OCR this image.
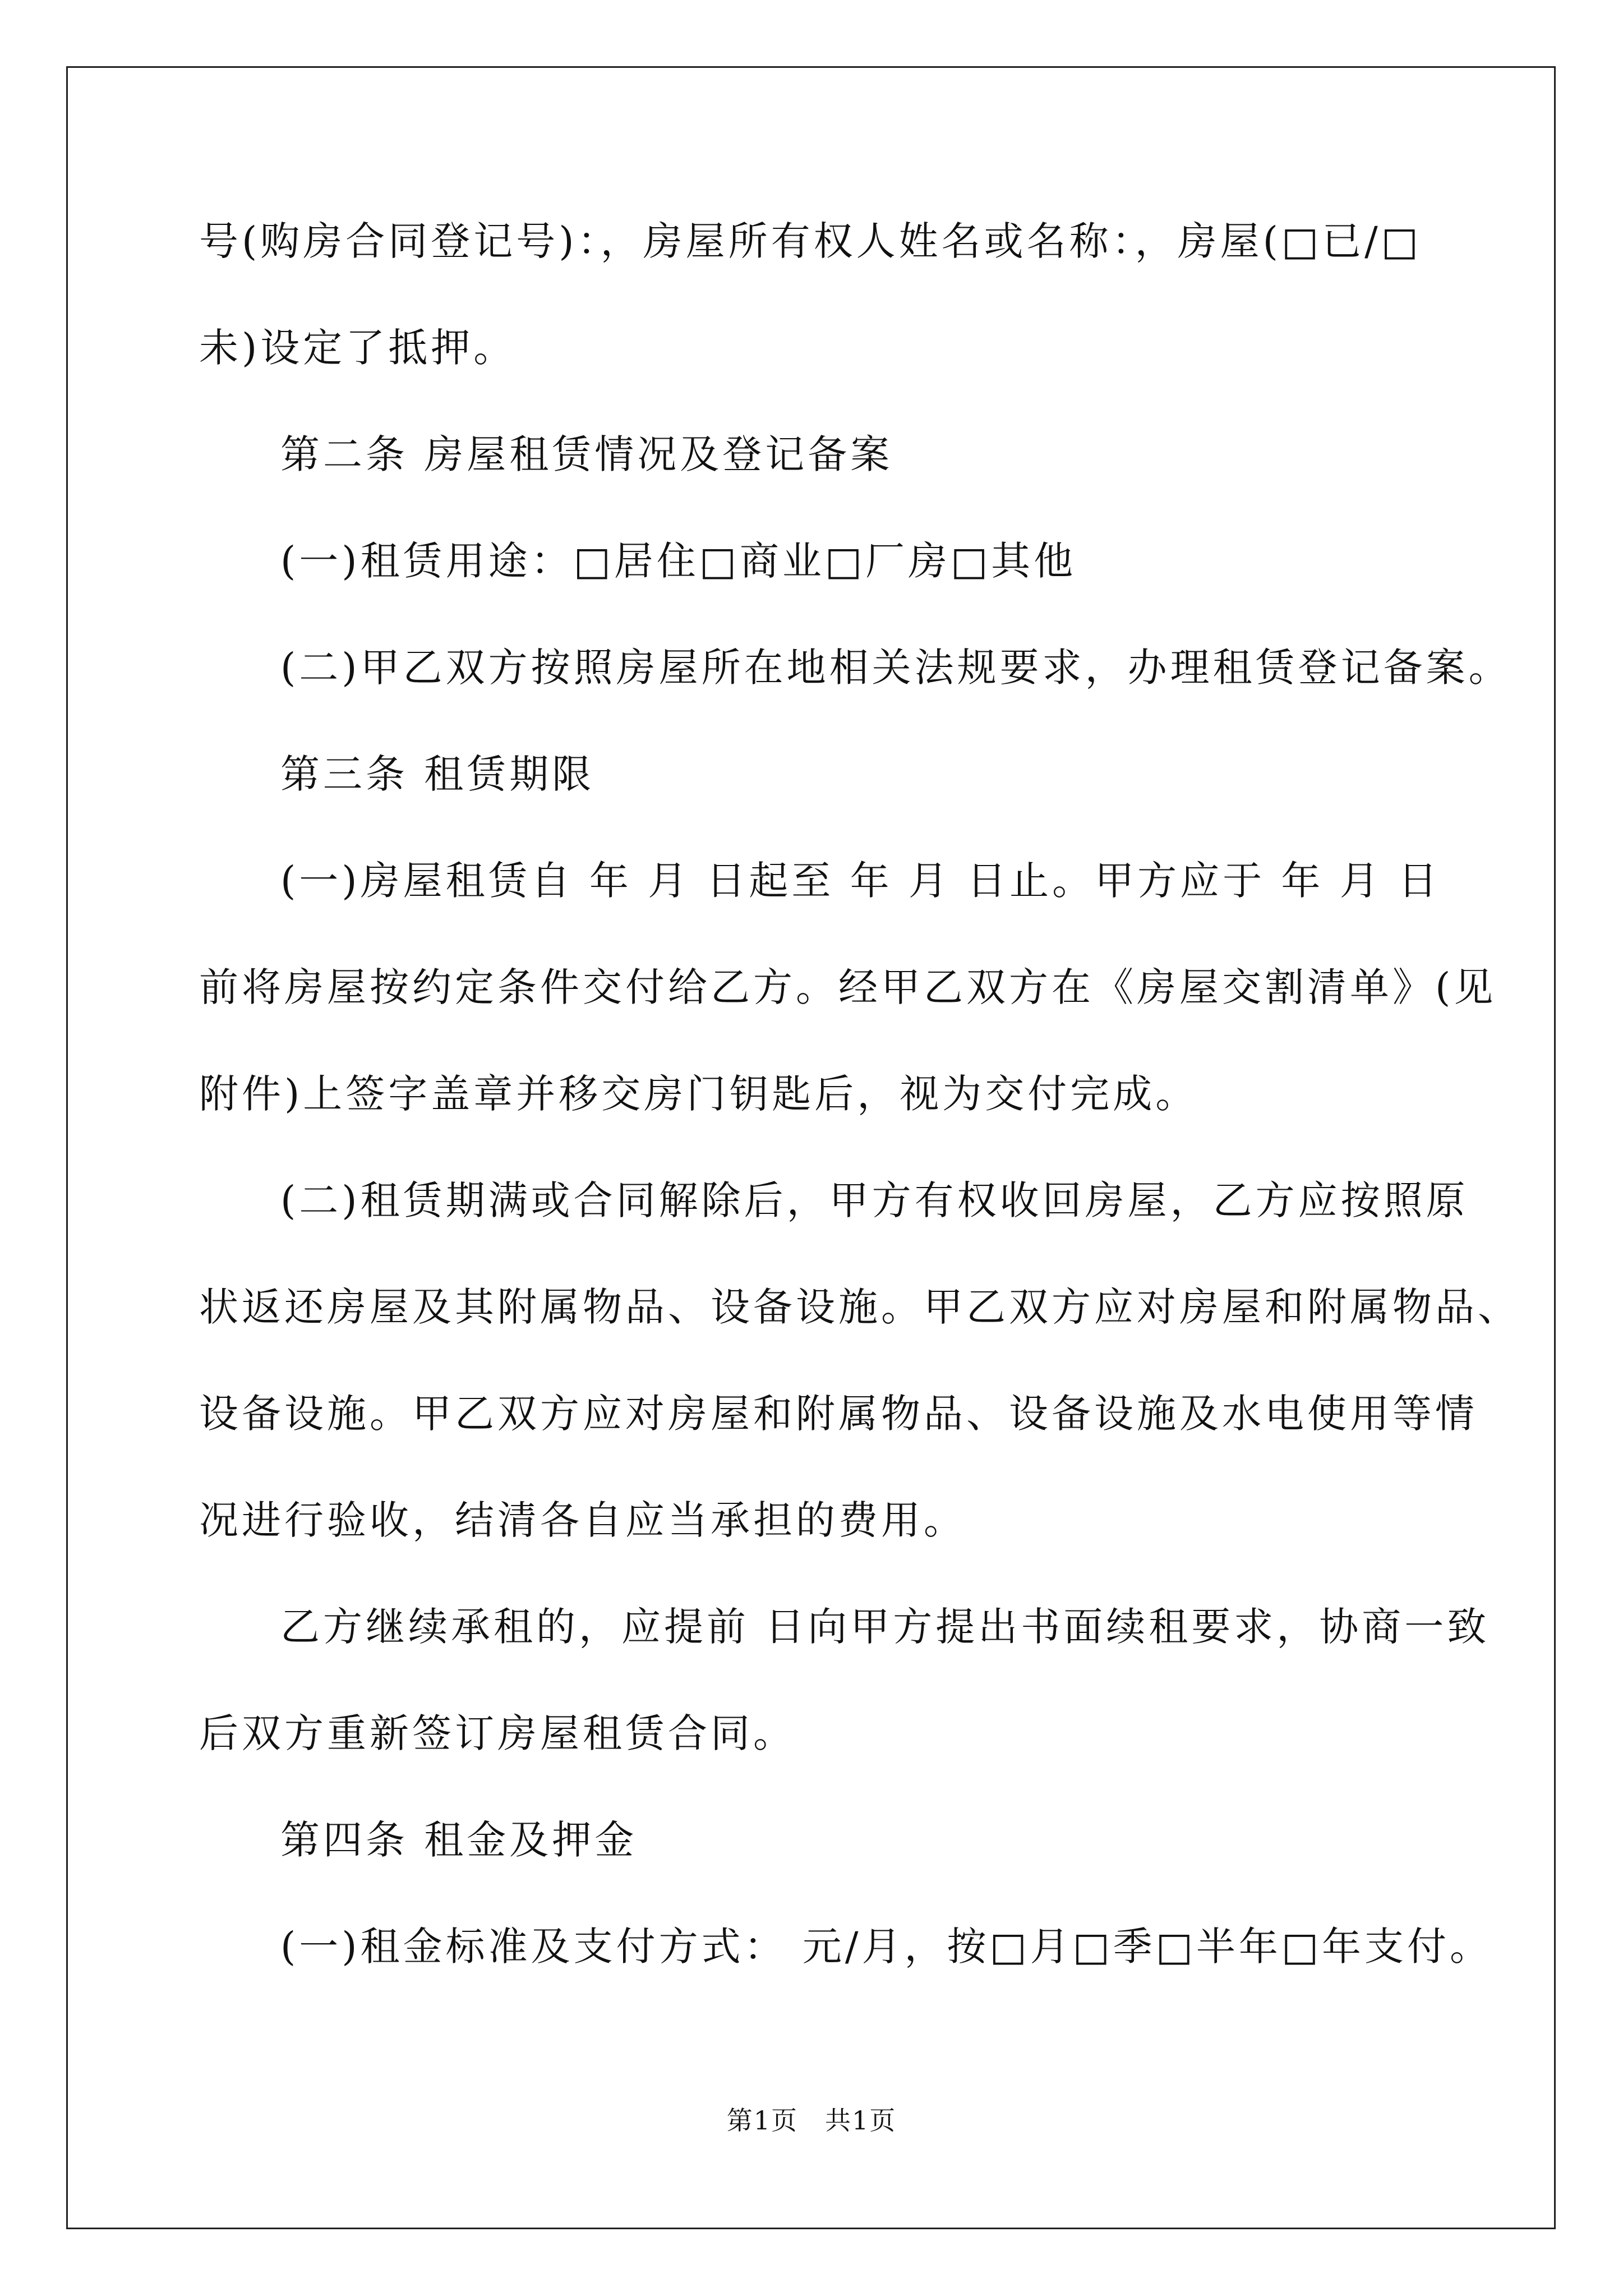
号(购房合同登记号)：，房屋所有权人姓名或名称：，房屋(□已/□
未)设定了抵押。
第二条 房屋租赁情况及登记备案
(一)租赁用途：□居住□商业□厂房□其他
(二)甲乙双方按照房屋所在地相关法规要求，办理租赁登记备案。
第三条 租赁期限
(一)房屋租赁自 年 月 日起至 年 月 日止。甲方应于 年 月 日
前将房屋按约定条件交付给乙方。经甲乙双方在《房屋交割清单》(见
附件)上签字盖章并移交房门钥匙后，视为交付完成。
(二)租赁期满或合同解除后，甲方有权收回房屋，乙方应按照原
状返还房屋及其附属物品、设备设施。甲乙双方应对房屋和附属物品、
设备设施。甲乙双方应对房屋和附属物品、设备设施及水电使用等情
况进行验收，结清各自应当承担的费用。
乙方继续承租的，应提前 日向甲方提出书面续租要求，协商一致
后双方重新签订房屋租赁合同。
第四条 租金及押金
(一)租金标准及支付方式： 元/月，按□月□季□半年□年支付。
第1页　共1页
